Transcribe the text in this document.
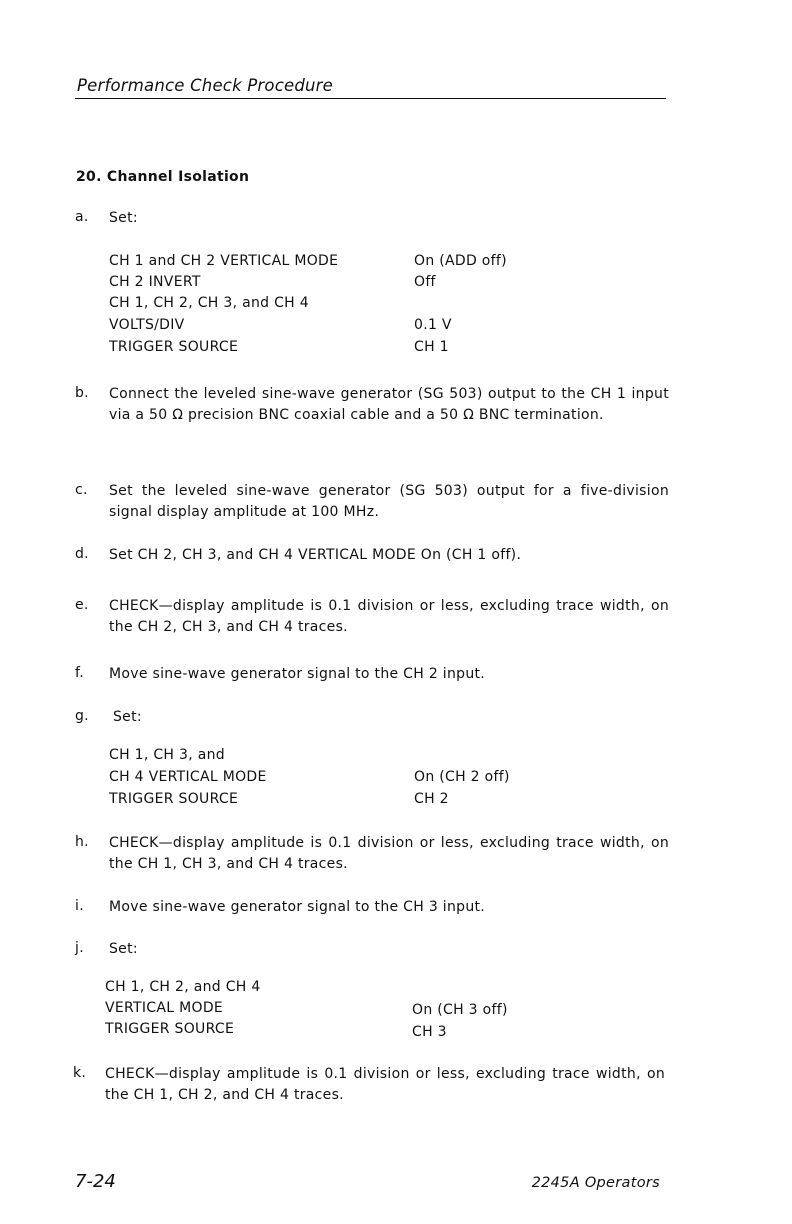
Performance Check Procedure
20. Channel Isolation
a. Set:
CH 1 and CH 2 VERTICAL MODE	On (ADD off)
CH 2 INVERT	Off
CH 1, CH 2, CH 3, and CH 4
VOLTS/DIV	0.1 V
TRIGGER SOURCE	CH 1
b. Connect the leveled sine-wave generator (SG 503) output to the CH 1 input via a 50 Ω precision BNC coaxial cable and a 50 Ω BNC termination.

c. Set the leveled sine-wave generator (SG 503) output for a five-division signal display amplitude at 100 MHz.

d. Set CH 2, CH 3, and CH 4 VERTICAL MODE On (CH 1 off).

e. CHECK—display amplitude is 0.1 division or less, excluding trace width, on the CH 2, CH 3, and CH 4 traces.

f. Move sine-wave generator signal to the CH 2 input.

g. Set:
CH 1, CH 3, and
CH 4 VERTICAL MODE	On (CH 2 off)
TRIGGER SOURCE	CH 2
h. CHECK—display amplitude is 0.1 division or less, excluding trace width, on the CH 1, CH 3, and CH 4 traces.

i. Move sine-wave generator signal to the CH 3 input.

j. Set:
CH 1, CH 2, and CH 4
VERTICAL MODE	On (CH 3 off)
TRIGGER SOURCE	CH 3
k. CHECK—display amplitude is 0.1 division or less, excluding trace width, on the CH 1, CH 2, and CH 4 traces.

7-24	2245A Operators
